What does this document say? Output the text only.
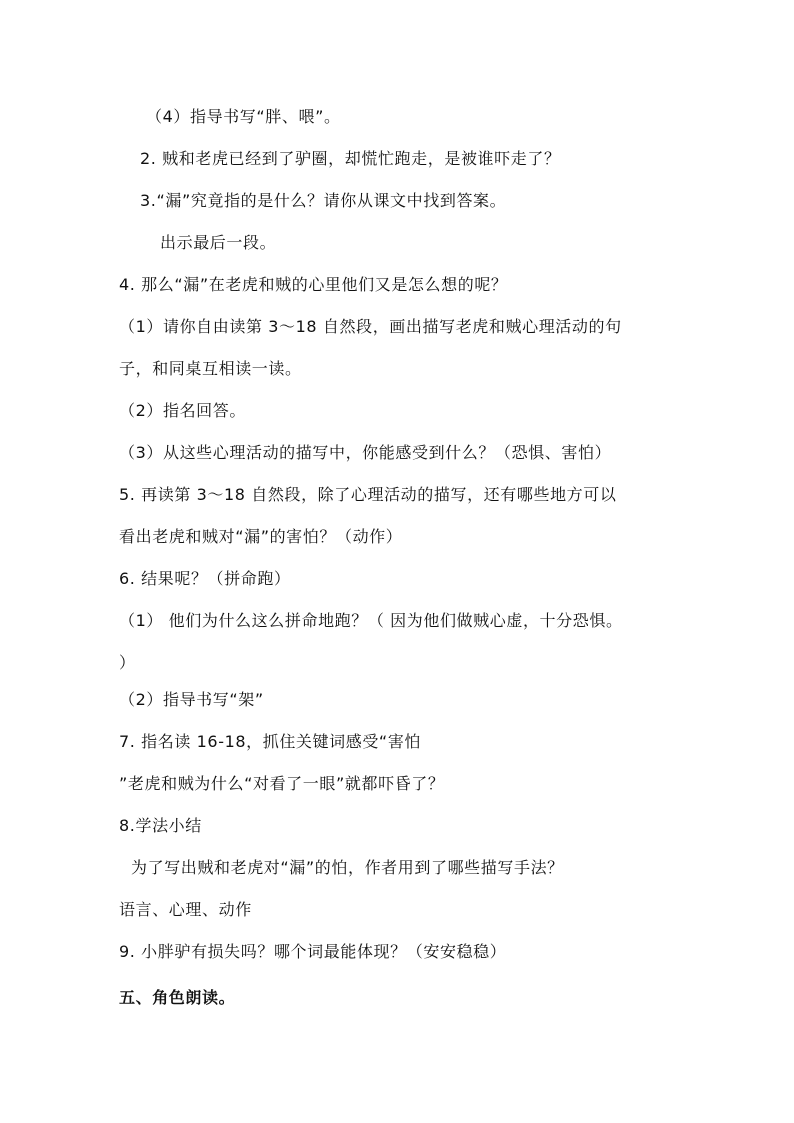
（4）指导书写“胖、喂”。
2. 贼和老虎已经到了驴圈，却慌忙跑走，是被谁吓走了？
3.“漏”究竟指的是什么？请你从课文中找到答案。
出示最后一段。
4. 那么“漏”在老虎和贼的心里他们又是怎么想的呢？
（1）请你自由读第 3～18 自然段，画出描写老虎和贼心理活动的句
子，和同桌互相读一读。
（2）指名回答。
（3）从这些心理活动的描写中，你能感受到什么？（恐惧、害怕）
5. 再读第 3～18 自然段，除了心理活动的描写，还有哪些地方可以
看出老虎和贼对“漏”的害怕？（动作）
6. 结果呢？（拼命跑）
（1） 他们为什么这么拼命地跑？（ 因为他们做贼心虚，十分恐惧。
）
（2）指导书写“架”
7. 指名读 16-18，抓住关键词感受“害怕
”老虎和贼为什么“对看了一眼”就都吓昏了？
8.学法小结
为了写出贼和老虎对“漏”的怕，作者用到了哪些描写手法？
语言、心理、动作
9. 小胖驴有损失吗？哪个词最能体现？（安安稳稳）
五、角色朗读。
